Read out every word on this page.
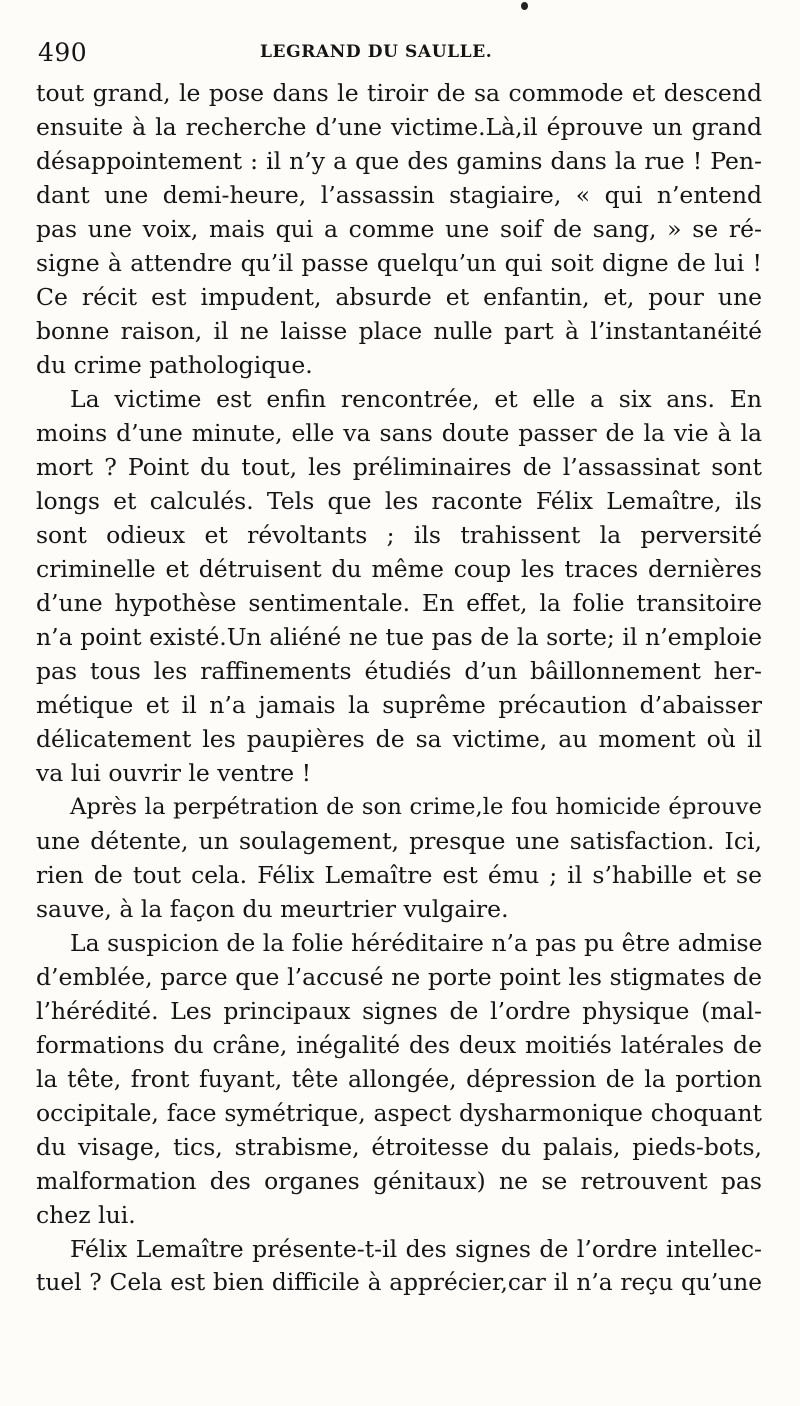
490	LEGRAND DU SAULLE.
tout grand, le pose dans le tiroir de sa commode et descend
ensuite à la recherche d’une victime.Là,il éprouve un grand
désappointement : il n’y a que des gamins dans la rue ! Pen-
dant une demi-heure, l’assassin stagiaire, « qui n’entend
pas une voix, mais qui a comme une soif de sang, » se ré-
signe à attendre qu’il passe quelqu’un qui soit digne de lui !
Ce récit est impudent, absurde et enfantin, et, pour une
bonne raison, il ne laisse place nulle part à l’instantanéité
du crime pathologique.
La victime est enfin rencontrée, et elle a six ans. En
moins d’une minute, elle va sans doute passer de la vie à la
mort ? Point du tout, les préliminaires de l’assassinat sont
longs et calculés. Tels que les raconte Félix Lemaître, ils
sont odieux et révoltants ; ils trahissent la perversité
criminelle et détruisent du même coup les traces dernières
d’une hypothèse sentimentale. En effet, la folie transitoire
n’a point existé.Un aliéné ne tue pas de la sorte; il n’emploie
pas tous les raffinements étudiés d’un bâillonnement her-
métique et il n’a jamais la suprême précaution d’abaisser
délicatement les paupières de sa victime, au moment où il
va lui ouvrir le ventre !
Après la perpétration de son crime,le fou homicide éprouve
une détente, un soulagement, presque une satisfaction. Ici,
rien de tout cela. Félix Lemaître est ému ; il s’habille et se
sauve, à la façon du meurtrier vulgaire.
La suspicion de la folie héréditaire n’a pas pu être admise
d’emblée, parce que l’accusé ne porte point les stigmates de
l’hérédité. Les principaux signes de l’ordre physique (mal-
formations du crâne, inégalité des deux moitiés latérales de
la tête, front fuyant, tête allongée, dépression de la portion
occipitale, face symétrique, aspect dysharmonique choquant
du visage, tics, strabisme, étroitesse du palais, pieds-bots,
malformation des organes génitaux) ne se retrouvent pas
chez lui.
Félix Lemaître présente-t-il des signes de l’ordre intellec-
tuel ? Cela est bien difficile à apprécier,car il n’a reçu qu’une
